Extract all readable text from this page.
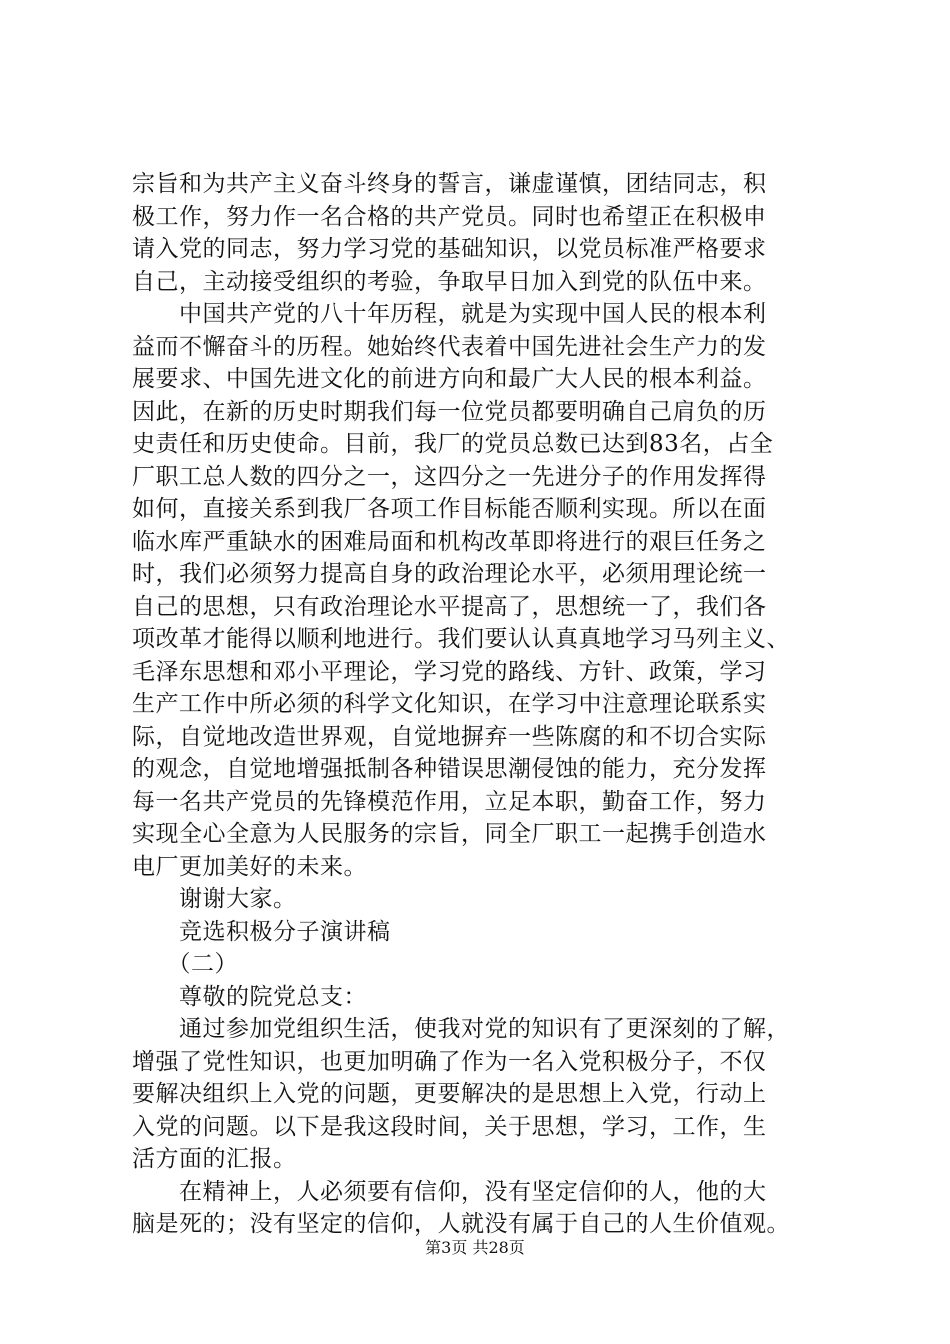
宗旨和为共产主义奋斗终身的誓言，谦虚谨慎，团结同志，积
极工作，努力作一名合格的共产党员。同时也希望正在积极申
请入党的同志，努力学习党的基础知识，以党员标准严格要求
自己，主动接受组织的考验，争取早日加入到党的队伍中来。
　　中国共产党的八十年历程，就是为实现中国人民的根本利
益而不懈奋斗的历程。她始终代表着中国先进社会生产力的发
展要求、中国先进文化的前进方向和最广大人民的根本利益。
因此，在新的历史时期我们每一位党员都要明确自己肩负的历
史责任和历史使命。目前，我厂的党员总数已达到83名，占全
厂职工总人数的四分之一，这四分之一先进分子的作用发挥得
如何，直接关系到我厂各项工作目标能否顺利实现。所以在面
临水库严重缺水的困难局面和机构改革即将进行的艰巨任务之
时，我们必须努力提高自身的政治理论水平，必须用理论统一
自己的思想，只有政治理论水平提高了，思想统一了，我们各
项改革才能得以顺利地进行。我们要认认真真地学习马列主义、
毛泽东思想和邓小平理论，学习党的路线、方针、政策，学习
生产工作中所必须的科学文化知识，在学习中注意理论联系实
际，自觉地改造世界观，自觉地摒弃一些陈腐的和不切合实际
的观念，自觉地增强抵制各种错误思潮侵蚀的能力，充分发挥
每一名共产党员的先锋模范作用，立足本职，勤奋工作，努力
实现全心全意为人民服务的宗旨，同全厂职工一起携手创造水
电厂更加美好的未来。
　　谢谢大家。
　　竞选积极分子演讲稿
　　（二）
　　尊敬的院党总支：
　　通过参加党组织生活，使我对党的知识有了更深刻的了解，
增强了党性知识，也更加明确了作为一名入党积极分子，不仅
要解决组织上入党的问题，更要解决的是思想上入党，行动上
入党的问题。以下是我这段时间，关于思想，学习，工作，生
活方面的汇报。
　　在精神上，人必须要有信仰，没有坚定信仰的人，他的大
脑是死的；没有坚定的信仰，人就没有属于自己的人生价值观。
第3页 共28页
